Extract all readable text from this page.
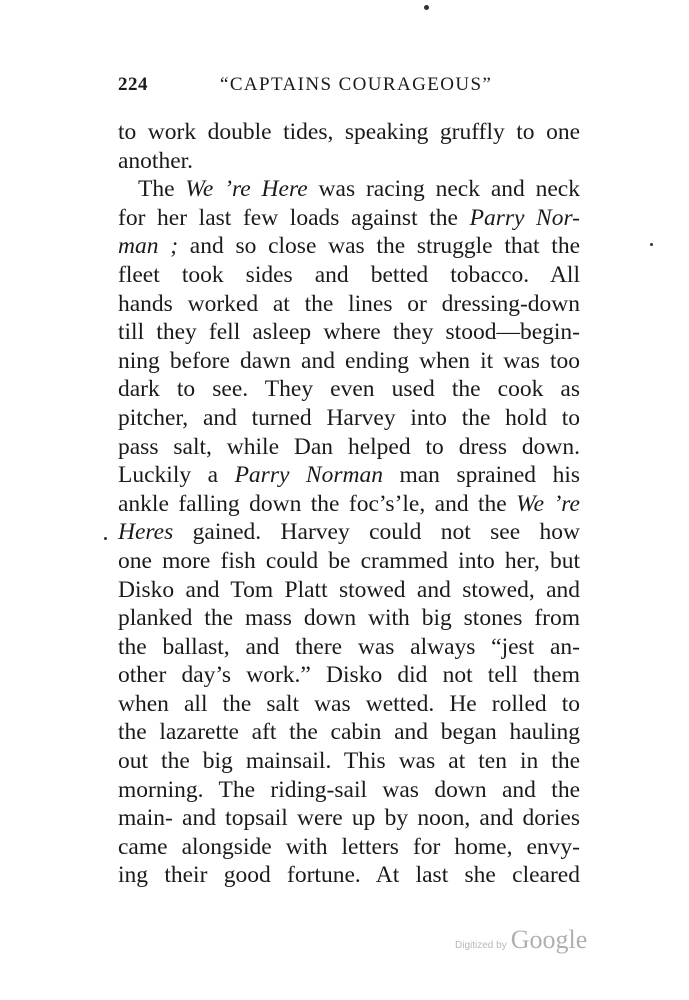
224	“CAPTAINS COURAGEOUS”
to work double tides, speaking gruffly to one
another.
The We ’re Here was racing neck and neck
for her last few loads against the Parry Nor-
man ; and so close was the struggle that the
fleet took sides and betted tobacco. All
hands worked at the lines or dressing-down
till they fell asleep where they stood—begin-
ning before dawn and ending when it was too
dark to see. They even used the cook as
pitcher, and turned Harvey into the hold to
pass salt, while Dan helped to dress down.
Luckily a Parry Norman man sprained his
ankle falling down the foc’s’le, and the We ’re
Heres gained. Harvey could not see how
one more fish could be crammed into her, but
Disko and Tom Platt stowed and stowed, and
planked the mass down with big stones from
the ballast, and there was always “jest an-
other day’s work.” Disko did not tell them
when all the salt was wetted. He rolled to
the lazarette aft the cabin and began hauling
out the big mainsail. This was at ten in the
morning. The riding-sail was down and the
main- and topsail were up by noon, and dories
came alongside with letters for home, envy-
ing their good fortune. At last she cleared
Digitized by Google
